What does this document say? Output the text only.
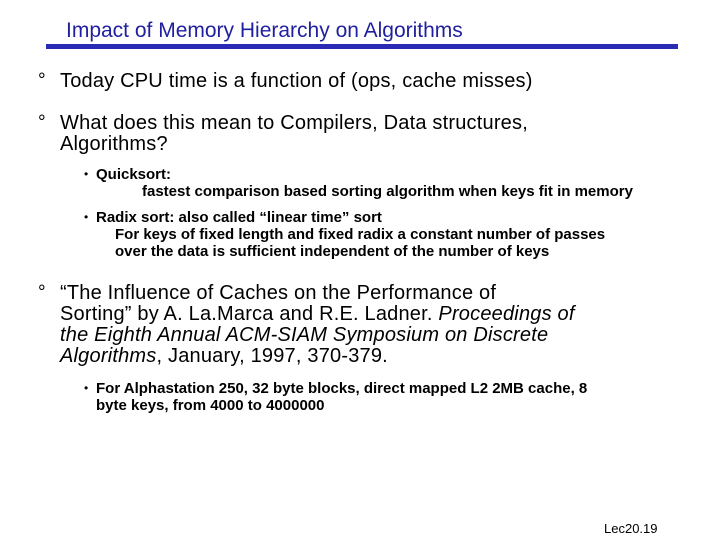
Impact of Memory Hierarchy on Algorithms
° Today CPU time is a function of (ops, cache misses)
° What does this mean to Compilers, Data structures,
Algorithms?
• Quicksort:
fastest comparison based sorting algorithm when keys fit in memory
• Radix sort: also called “linear time” sort
For keys of fixed length and fixed radix a constant number of passes
over the data is sufficient independent of the number of keys
° “The Influence of Caches on the Performance of
Sorting” by A. La.Marca and R.E. Ladner. Proceedings of
the Eighth Annual ACM-SIAM Symposium on Discrete
Algorithms, January, 1997, 370-379.
• For Alphastation 250, 32 byte blocks, direct mapped L2 2MB cache, 8
byte keys, from 4000 to 4000000
Lec20.19
